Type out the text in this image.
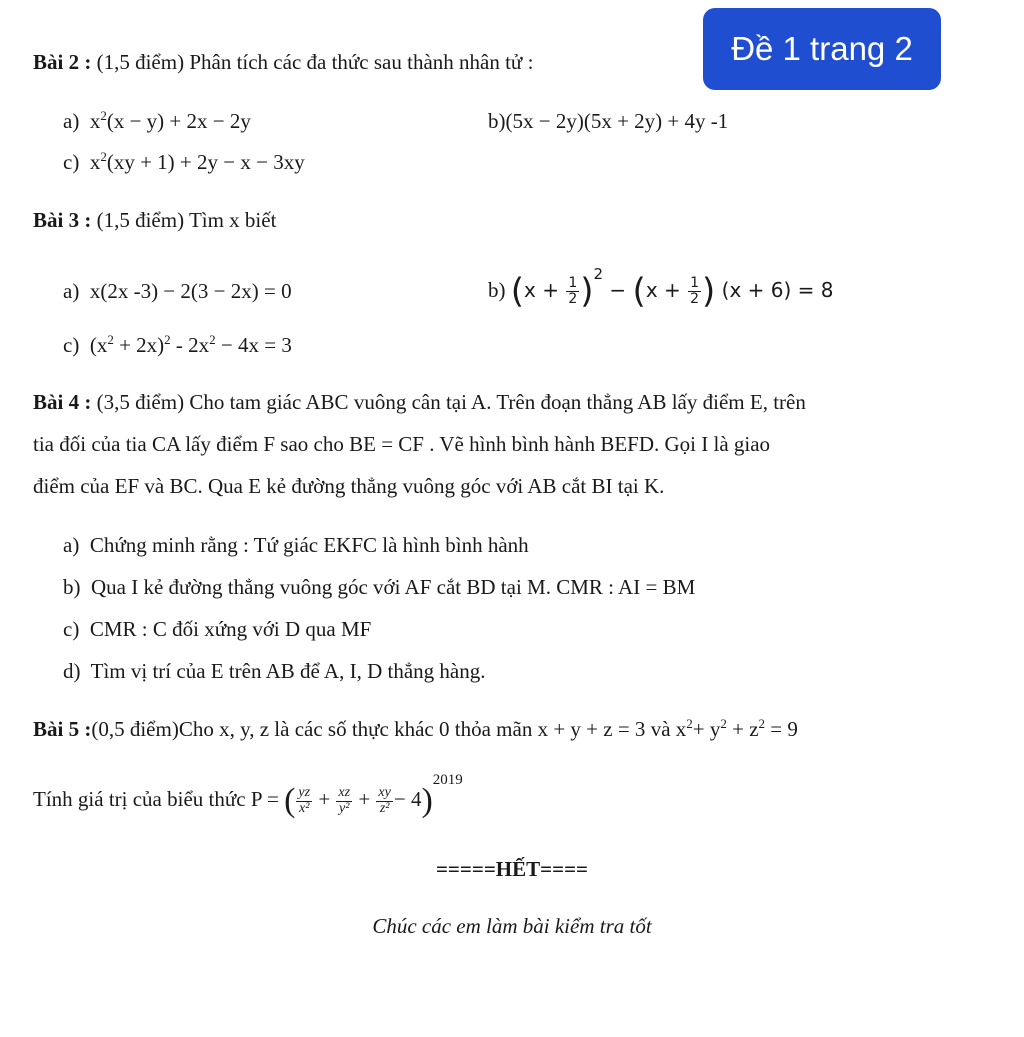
Đề 1 trang 2
Bài 2 : (1,5 điểm) Phân tích các đa thức sau thành nhân tử :
a) $x^2(x - y) + 2x - 2y$	b)(5x − 2y)(5x + 2y) + 4y -1
c) $x^2(xy + 1) + 2y - x - 3xy$
Bài 3 : (1,5 điểm) Tìm x biết
a) x(2x -3) − 2(3 − 2x) = 0	b) $(x + \frac{1}{2} )^2 - (x + \frac{1}{2}$ ) (x + 6) = 8
c) $(x^2 + 2x)^2 - 2x^2 - 4x = 3$
Bài 4 : (3,5 điểm) Cho tam giác ABC vuông cân tại A. Trên đoạn thẳng AB lấy điểm E, trên
tia đối của tia CA lấy điểm F sao cho BE = CF . Vẽ hình bình hành BEFD. Gọi I là giao
điểm của EF và BC. Qua E kẻ đường thẳng vuông góc với AB cắt BI tại K.
a) Chứng minh rằng : Tứ giác EKFC là hình bình hành
b) Qua I kẻ đường thẳng vuông góc với AF cắt BD tại M. CMR : AI = BM
c) CMR : C đối xứng với D qua MF
d) Tìm vị trí của E trên AB để A, I, D thẳng hàng.
Bài 5 :(0,5 điểm)Cho x, y, z là các số thực khác 0 thỏa mãn x + y + z = 3 và $x^2+ y^2 + z^2 = 9$
Tính giá trị của biểu thức P = ( $\frac{yz}{\text{x²}} + \frac{xz}{\text{y²}} + \frac{xy}{\text{z²}} - 4)^{2019}$
=====HẾT====
Chúc các em làm bài kiểm tra tốt
